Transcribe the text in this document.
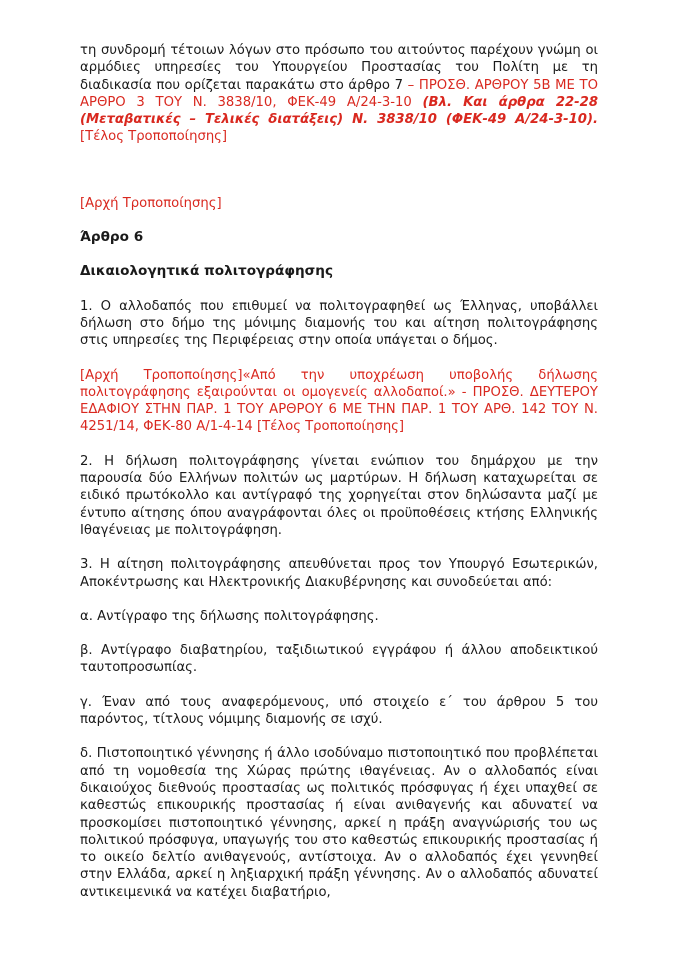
τη συνδρομή τέτοιων λόγων στο πρόσωπο του αιτούντος παρέχουν γνώμη οι αρμόδιες υπηρεσίες του Υπουργείου Προστασίας του Πολίτη με τη διαδικασία που ορίζεται παρακάτω στο άρθρο 7 – ΠΡΟΣΘ. ΑΡΘΡΟΥ 5Β ΜΕ ΤΟ ΑΡΘΡΟ 3 ΤΟΥ Ν. 3838/10, ΦΕΚ-49 Α/24-3-10 (Βλ. Και άρθρα 22-28 (Μεταβατικές – Τελικές διατάξεις) Ν. 3838/10 (ΦΕΚ-49 Α/24-3-10).[Τέλος Τροποποίησης]

[Αρχή Τροποποίησης]

Άρθρο 6

Δικαιολογητικά πολιτογράφησης

1. Ο αλλοδαπός που επιθυμεί να πολιτογραφηθεί ως Έλληνας, υποβάλλει δήλωση στο δήμο της μόνιμης διαμονής του και αίτηση πολιτογράφησης στις υπηρεσίες της Περιφέρειας στην οποία υπάγεται ο δήμος.

[Αρχή Τροποποίησης]«Από την υποχρέωση υποβολής δήλωσης πολιτογράφησης εξαιρούνται οι ομογενείς αλλοδαποί.» - ΠΡΟΣΘ. ΔΕΥΤΕΡΟΥ ΕΔΑΦΙΟΥ ΣΤΗΝ ΠΑΡ. 1 ΤΟΥ ΑΡΘΡΟΥ 6 ΜΕ ΤΗΝ ΠΑΡ. 1 ΤΟΥ ΑΡΘ. 142 ΤΟΥ Ν. 4251/14, ΦΕΚ-80 Α/1-4-14 [Τέλος Τροποποίησης]

2. Η δήλωση πολιτογράφησης γίνεται ενώπιον του δημάρχου με την παρουσία δύο Ελλήνων πολιτών ως μαρτύρων. Η δήλωση καταχωρείται σε ειδικό πρωτόκολλο και αντίγραφό της χορηγείται στον δηλώσαντα μαζί με έντυπο αίτησης όπου αναγράφονται όλες οι προϋποθέσεις κτήσης Ελληνικής Ιθαγένειας με πολιτογράφηση.

3. Η αίτηση πολιτογράφησης απευθύνεται προς τον Υπουργό Εσωτερικών, Αποκέντρωσης και Ηλεκτρονικής Διακυβέρνησης και συνοδεύεται από:

α. Αντίγραφο της δήλωσης πολιτογράφησης.

β. Αντίγραφο διαβατηρίου, ταξιδιωτικού εγγράφου ή άλλου αποδεικτικού ταυτοπροσωπίας.

γ. Έναν από τους αναφερόμενους, υπό στοιχείο ε΄ του άρθρου 5 του παρόντος, τίτλους νόμιμης διαμονής σε ισχύ.

δ. Πιστοποιητικό γέννησης ή άλλο ισοδύναμο πιστοποιητικό που προβλέπεται από τη νομοθεσία της Χώρας πρώτης ιθαγένειας. Αν ο αλλοδαπός είναι δικαιούχος διεθνούς προστασίας ως πολιτικός πρόσφυγας ή έχει υπαχθεί σε καθεστώς επικουρικής προστασίας ή είναι ανιθαγενής και αδυνατεί να προσκομίσει πιστοποιητικό γέννησης, αρκεί η πράξη αναγνώρισής του ως πολιτικού πρόσφυγα, υπαγωγής του στο καθεστώς επικουρικής προστασίας ή το οικείο δελτίο ανιθαγενούς, αντίστοιχα. Αν ο αλλοδαπός έχει γεννηθεί στην Ελλάδα, αρκεί η ληξιαρχική πράξη γέννησης. Αν ο αλλοδαπός αδυνατεί αντικειμενικά να κατέχει διαβατήριο,
